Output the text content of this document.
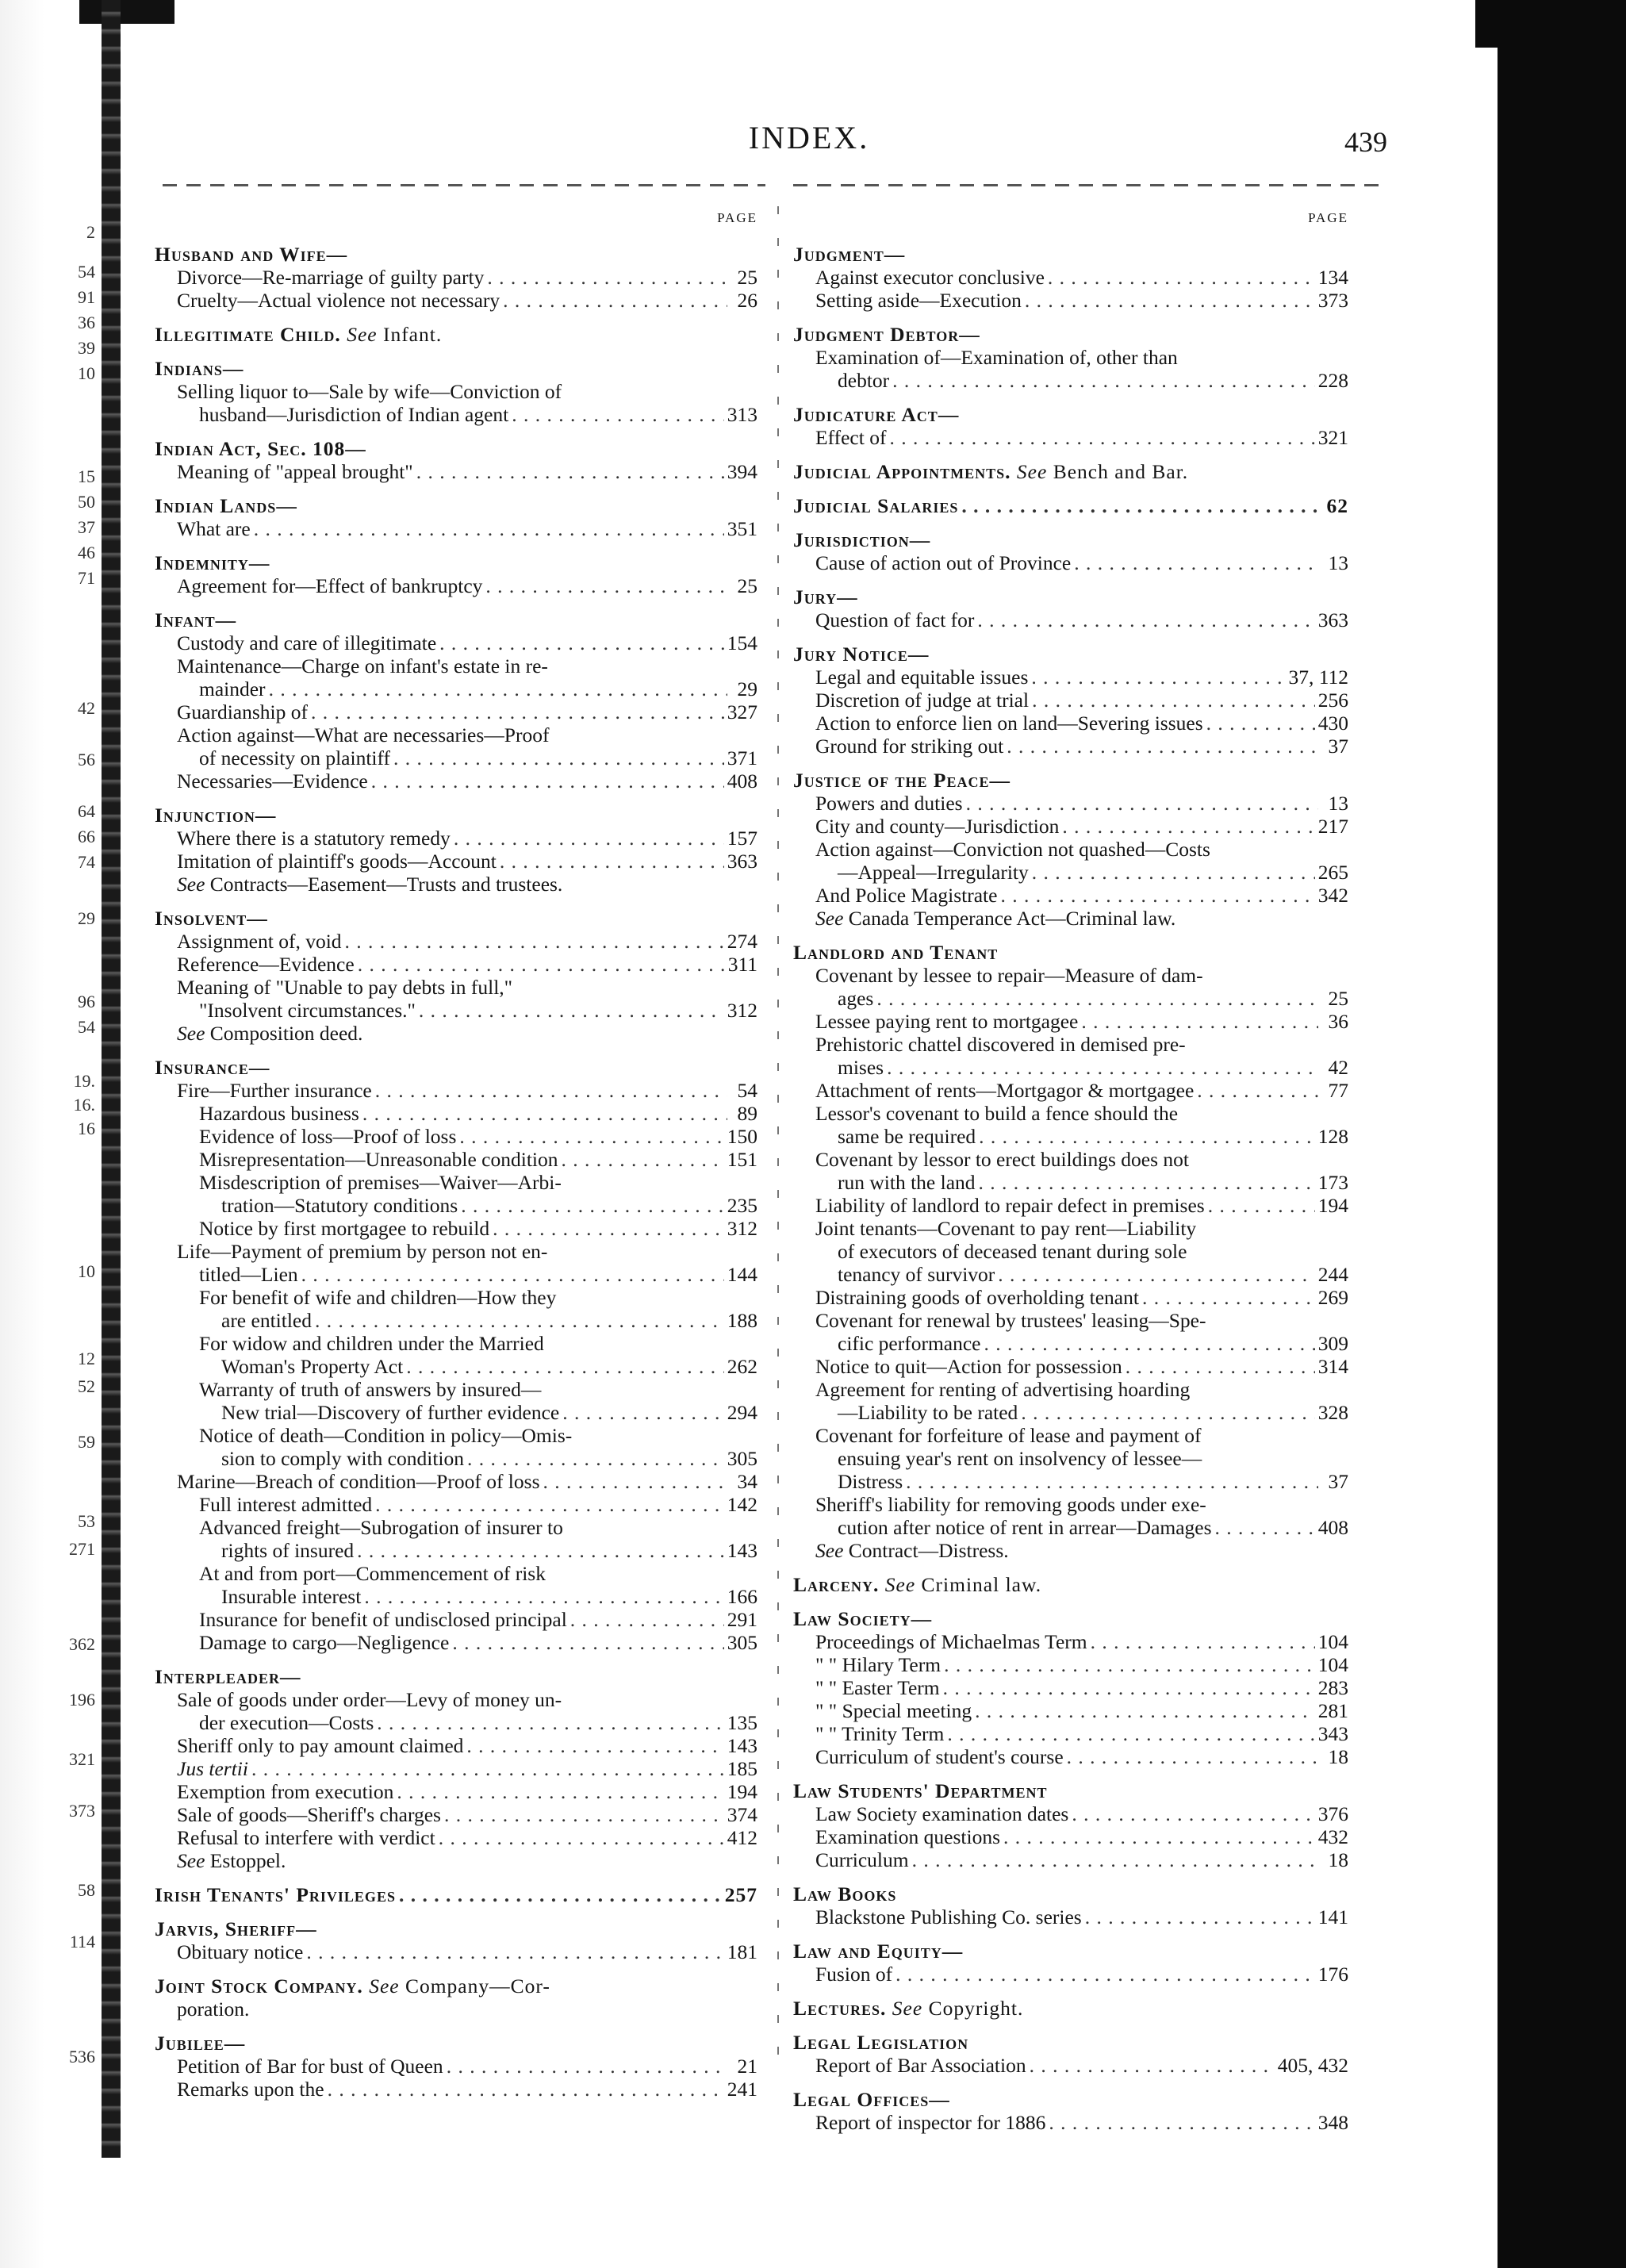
2
54
91
36
39
10
15
50
37
46
71
42
56
64
66
74
29
96
54
19.
16.
16
10
12
52
59
53
271
362
196
321
373
58
114
536
INDEX.	439
PAGE
Husband and Wife—
Divorce—Re-marriage of guilty party . . .	25
Cruelty—Actual violence not necessary . . .	26
Illegitimate Child. See Infant.
Indians—
Selling liquor to—Sale by wife—Conviction of
husband—Jurisdiction of Indian agent . . .	313
Indian Act, Sec. 108—
Meaning of "appeal brought" . . .	394
Indian Lands—
What are . . .	351
Indemnity—
Agreement for—Effect of bankruptcy . . .	25
Infant—
Custody and care of illegitimate . . .	154
Maintenance—Charge on infant's estate in re-
mainder . . .	29
Guardianship of . . .	327
Action against—What are necessaries—Proof
of necessity on plaintiff . . .	371
Necessaries—Evidence . . .	408
Injunction—
Where there is a statutory remedy . . .	157
Imitation of plaintiff's goods—Account . . .	363
See Contracts—Easement—Trusts and trustees.
Insolvent—
Assignment of, void . . .	274
Reference—Evidence . . .	311
Meaning of "Unable to pay debts in full,"
"Insolvent circumstances." . . .	312
See Composition deed.
Insurance—
Fire—Further insurance . . .	54
Hazardous business . . .	89
Evidence of loss—Proof of loss . . .	150
Misrepresentation—Unreasonable condition . . .	151
Misdescription of premises—Waiver—Arbi-
tration—Statutory conditions . . .	235
Notice by first mortgagee to rebuild . . .	312
Life—Payment of premium by person not en-
titled—Lien . . .	144
For benefit of wife and children—How they
are entitled . . .	188
For widow and children under the Married
Woman's Property Act . . .	262
Warranty of truth of answers by insured—
New trial—Discovery of further evidence . . .	294
Notice of death—Condition in policy—Omis-
sion to comply with condition . . .	305
Marine—Breach of condition—Proof of loss . . .	34
Full interest admitted . . .	142
Advanced freight—Subrogation of insurer to
rights of insured . . .	143
At and from port—Commencement of risk
Insurable interest . . .	166
Insurance for benefit of undisclosed principal . . .	291
Damage to cargo—Negligence . . .	305
Interpleader—
Sale of goods under order—Levy of money un-
der execution—Costs . . .	135
Sheriff only to pay amount claimed . . .	143
Jus tertii . . .	185
Exemption from execution . . .	194
Sale of goods—Sheriff's charges . . .	374
Refusal to interfere with verdict . . .	412
See Estoppel.
Irish Tenants' Privileges . . .	257
Jarvis, Sheriff—
Obituary notice . . .	181
Joint Stock Company. See Company—Cor-
poration.
Jubilee—
Petition of Bar for bust of Queen . . .	21
Remarks upon the . . .	241
PAGE
Judgment—
Against executor conclusive . . .	134
Setting aside—Execution . . .	373
Judgment Debtor—
Examination of—Examination of, other than
debtor . . .	228
Judicature Act—
Effect of . . .	321
Judicial Appointments. See Bench and Bar.
Judicial Salaries . . .	62
Jurisdiction—
Cause of action out of Province . . .	13
Jury—
Question of fact for . . .	363
Jury Notice—
Legal and equitable issues . . .	37, 112
Discretion of judge at trial . . .	256
Action to enforce lien on land—Severing issues . . .	430
Ground for striking out . . .	37
Justice of the Peace—
Powers and duties . . .	13
City and county—Jurisdiction . . .	217
Action against—Conviction not quashed—Costs
—Appeal—Irregularity . . .	265
And Police Magistrate . . .	342
See Canada Temperance Act—Criminal law.
Landlord and Tenant
Covenant by lessee to repair—Measure of dam-
ages . . .	25
Lessee paying rent to mortgagee . . .	36
Prehistoric chattel discovered in demised pre-
mises . . .	42
Attachment of rents—Mortgagor & mortgagee . . .	77
Lessor's covenant to build a fence should the
same be required . . .	128
Covenant by lessor to erect buildings does not
run with the land . . .	173
Liability of landlord to repair defect in premises . . .	194
Joint tenants—Covenant to pay rent—Liability
of executors of deceased tenant during sole
tenancy of survivor . . .	244
Distraining goods of overholding tenant . . .	269
Covenant for renewal by trustees' leasing—Spe-
cific performance . . .	309
Notice to quit—Action for possession . . .	314
Agreement for renting of advertising hoarding
—Liability to be rated . . .	328
Covenant for forfeiture of lease and payment of
ensuing year's rent on insolvency of lessee—
Distress . . .	37
Sheriff's liability for removing goods under exe-
cution after notice of rent in arrear—Damages . . .	408
See Contract—Distress.
Larceny. See Criminal law.
Law Society—
Proceedings of Michaelmas Term . . .	104
" " Hilary Term . . .	104
" " Easter Term . . .	283
" " Special meeting . . .	281
" " Trinity Term . . .	343
Curriculum of student's course . . .	18
Law Students' Department
Law Society examination dates . . .	376
Examination questions . . .	432
Curriculum . . .	18
Law Books
Blackstone Publishing Co. series . . .	141
Law and Equity—
Fusion of . . .	176
Lectures. See Copyright.
Legal Legislation
Report of Bar Association . . .	405, 432
Legal Offices—
Report of inspector for 1886 . . .	348
